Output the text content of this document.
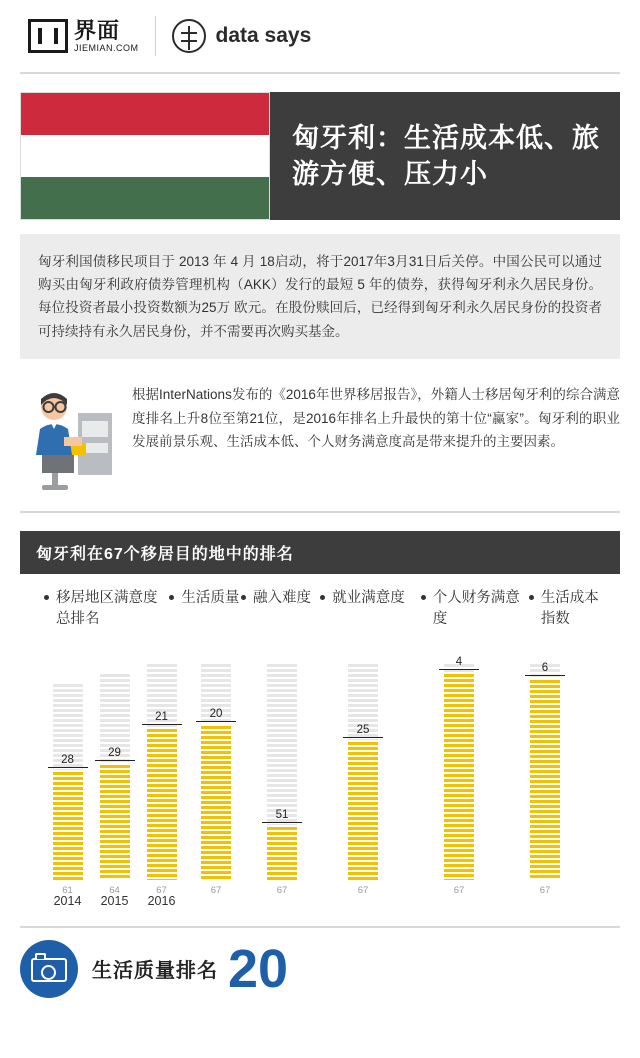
界面
JIEMIAN.COM
data says
匈牙利：生活成本低、旅游方便、压力小
匈牙利国债移民项目于 2013 年 4 月 18启动，将于2017年3月31日后关停。中国公民可以通过购买由匈牙利政府债券管理机构（AKK）发行的最短 5 年的债券，获得匈牙利永久居民身份。每位投资者最小投资数额为25万 欧元。在股份赎回后，已经得到匈牙利永久居民身份的投资者可持续持有永久居民身份，并不需要再次购买基金。
根据InterNations发布的《2016年世界移居报告》，外籍人士移居匈牙利的综合满意度排名上升8位至第21位，是2016年排名上升最快的第十位“赢家”。匈牙利的职业发展前景乐观、生活成本低、个人财务满意度高是带来提升的主要因素。
匈牙利在67个移居目的地中的排名
移居地区满意度总排名
生活质量 融入难度	就业满意度	个人财务满意度
生活成本指数
28
61
29
64
21
67
20
67
51
67
25
67
4
67
6
67
2014	2015	2016
生活质量排名 20
